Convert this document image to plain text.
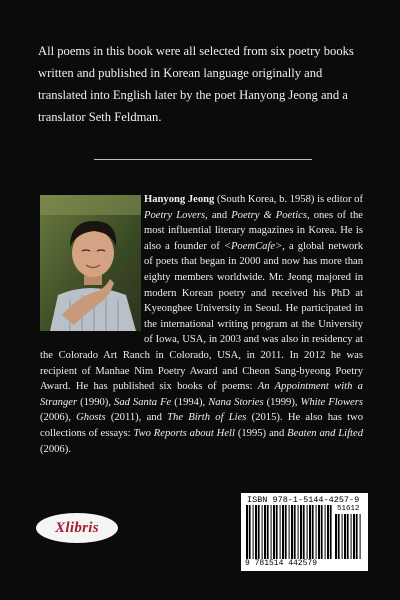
All poems in this book were all selected from six poetry books written and published in Korean language originally and translated into English later by the poet Hanyong Jeong and a translator Seth Feldman.

Hanyong Jeong (South Korea, b. 1958) is editor of Poetry Lovers, and Poetry & Poetics, ones of the most influential literary magazines in Korea. He is also a founder of <PoemCafe>, a global network of poets that began in 2000 and now has more than eighty members worldwide. Mr. Jeong majored in modern Korean poetry and received his PhD at Kyeonghee University in Seoul. He participated in the international writing program at the University of Iowa, USA, in 2003 and was also in residency at the Colorado Art Ranch in Colorado, USA, in 2011. In 2012 he was recipient of Manhae Nim Poetry Award and Cheon Sang-byeong Poetry Award. He has published six books of poems: An Appointment with a Stranger (1990), Sad Santa Fe (1994), Nana Stories (1999), White Flowers (2006), Ghosts (2011), and The Birth of Lies (2015). He also has two collections of essays: Two Reports about Hell (1995) and Beaten and Lifted (2006).

Xlibris
ISBN 978-1-5144-4257-9
51612
9 781514 442579
